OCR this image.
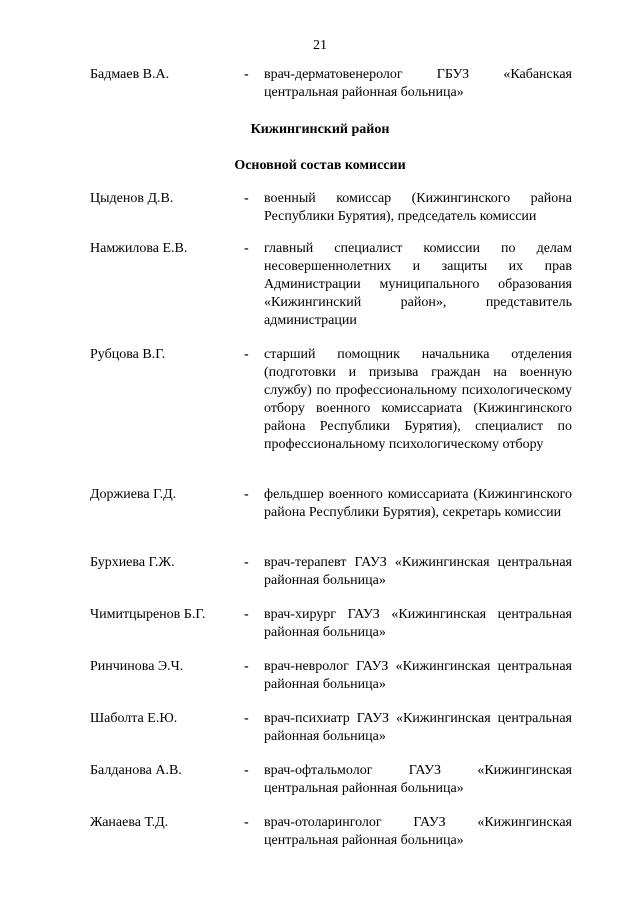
21
Бадмаев В.А.	-	врач-дерматовенеролог ГБУЗ «Кабанская центральная районная больница»
Кижингинский район
Основной состав комиссии
Цыденов Д.В.	-	военный комиссар (Кижингинского района Республики Бурятия), председатель комиссии
Намжилова Е.В.	-	главный специалист комиссии по делам несовершеннолетних и защиты их прав Администрации муниципального образования «Кижингинский район», представитель администрации
Рубцова В.Г.	-	старший помощник начальника отделения (подготовки и призыва граждан на военную службу) по профессиональному психологическому отбору военного комиссариата (Кижингинского района Республики Бурятия), специалист по профессиональному психологическому отбору
Доржиева Г.Д.	-	фельдшер военного комиссариата (Кижингинского района Республики Бурятия), секретарь комиссии
Бурхиева Г.Ж.	-	врач-терапевт ГАУЗ «Кижингинская центральная районная больница»
Чимитцыренов Б.Г.	-	врач-хирург ГАУЗ «Кижингинская центральная районная больница»
Ринчинова Э.Ч.	-	врач-невролог ГАУЗ «Кижингинская центральная районная больница»
Шаболта Е.Ю.	-	врач-психиатр ГАУЗ «Кижингинская центральная районная больница»
Балданова А.В.	-	врач-офтальмолог ГАУЗ «Кижингинская центральная районная больница»
Жанаева Т.Д.	-	врач-отоларинголог ГАУЗ «Кижингинская центральная районная больница»
